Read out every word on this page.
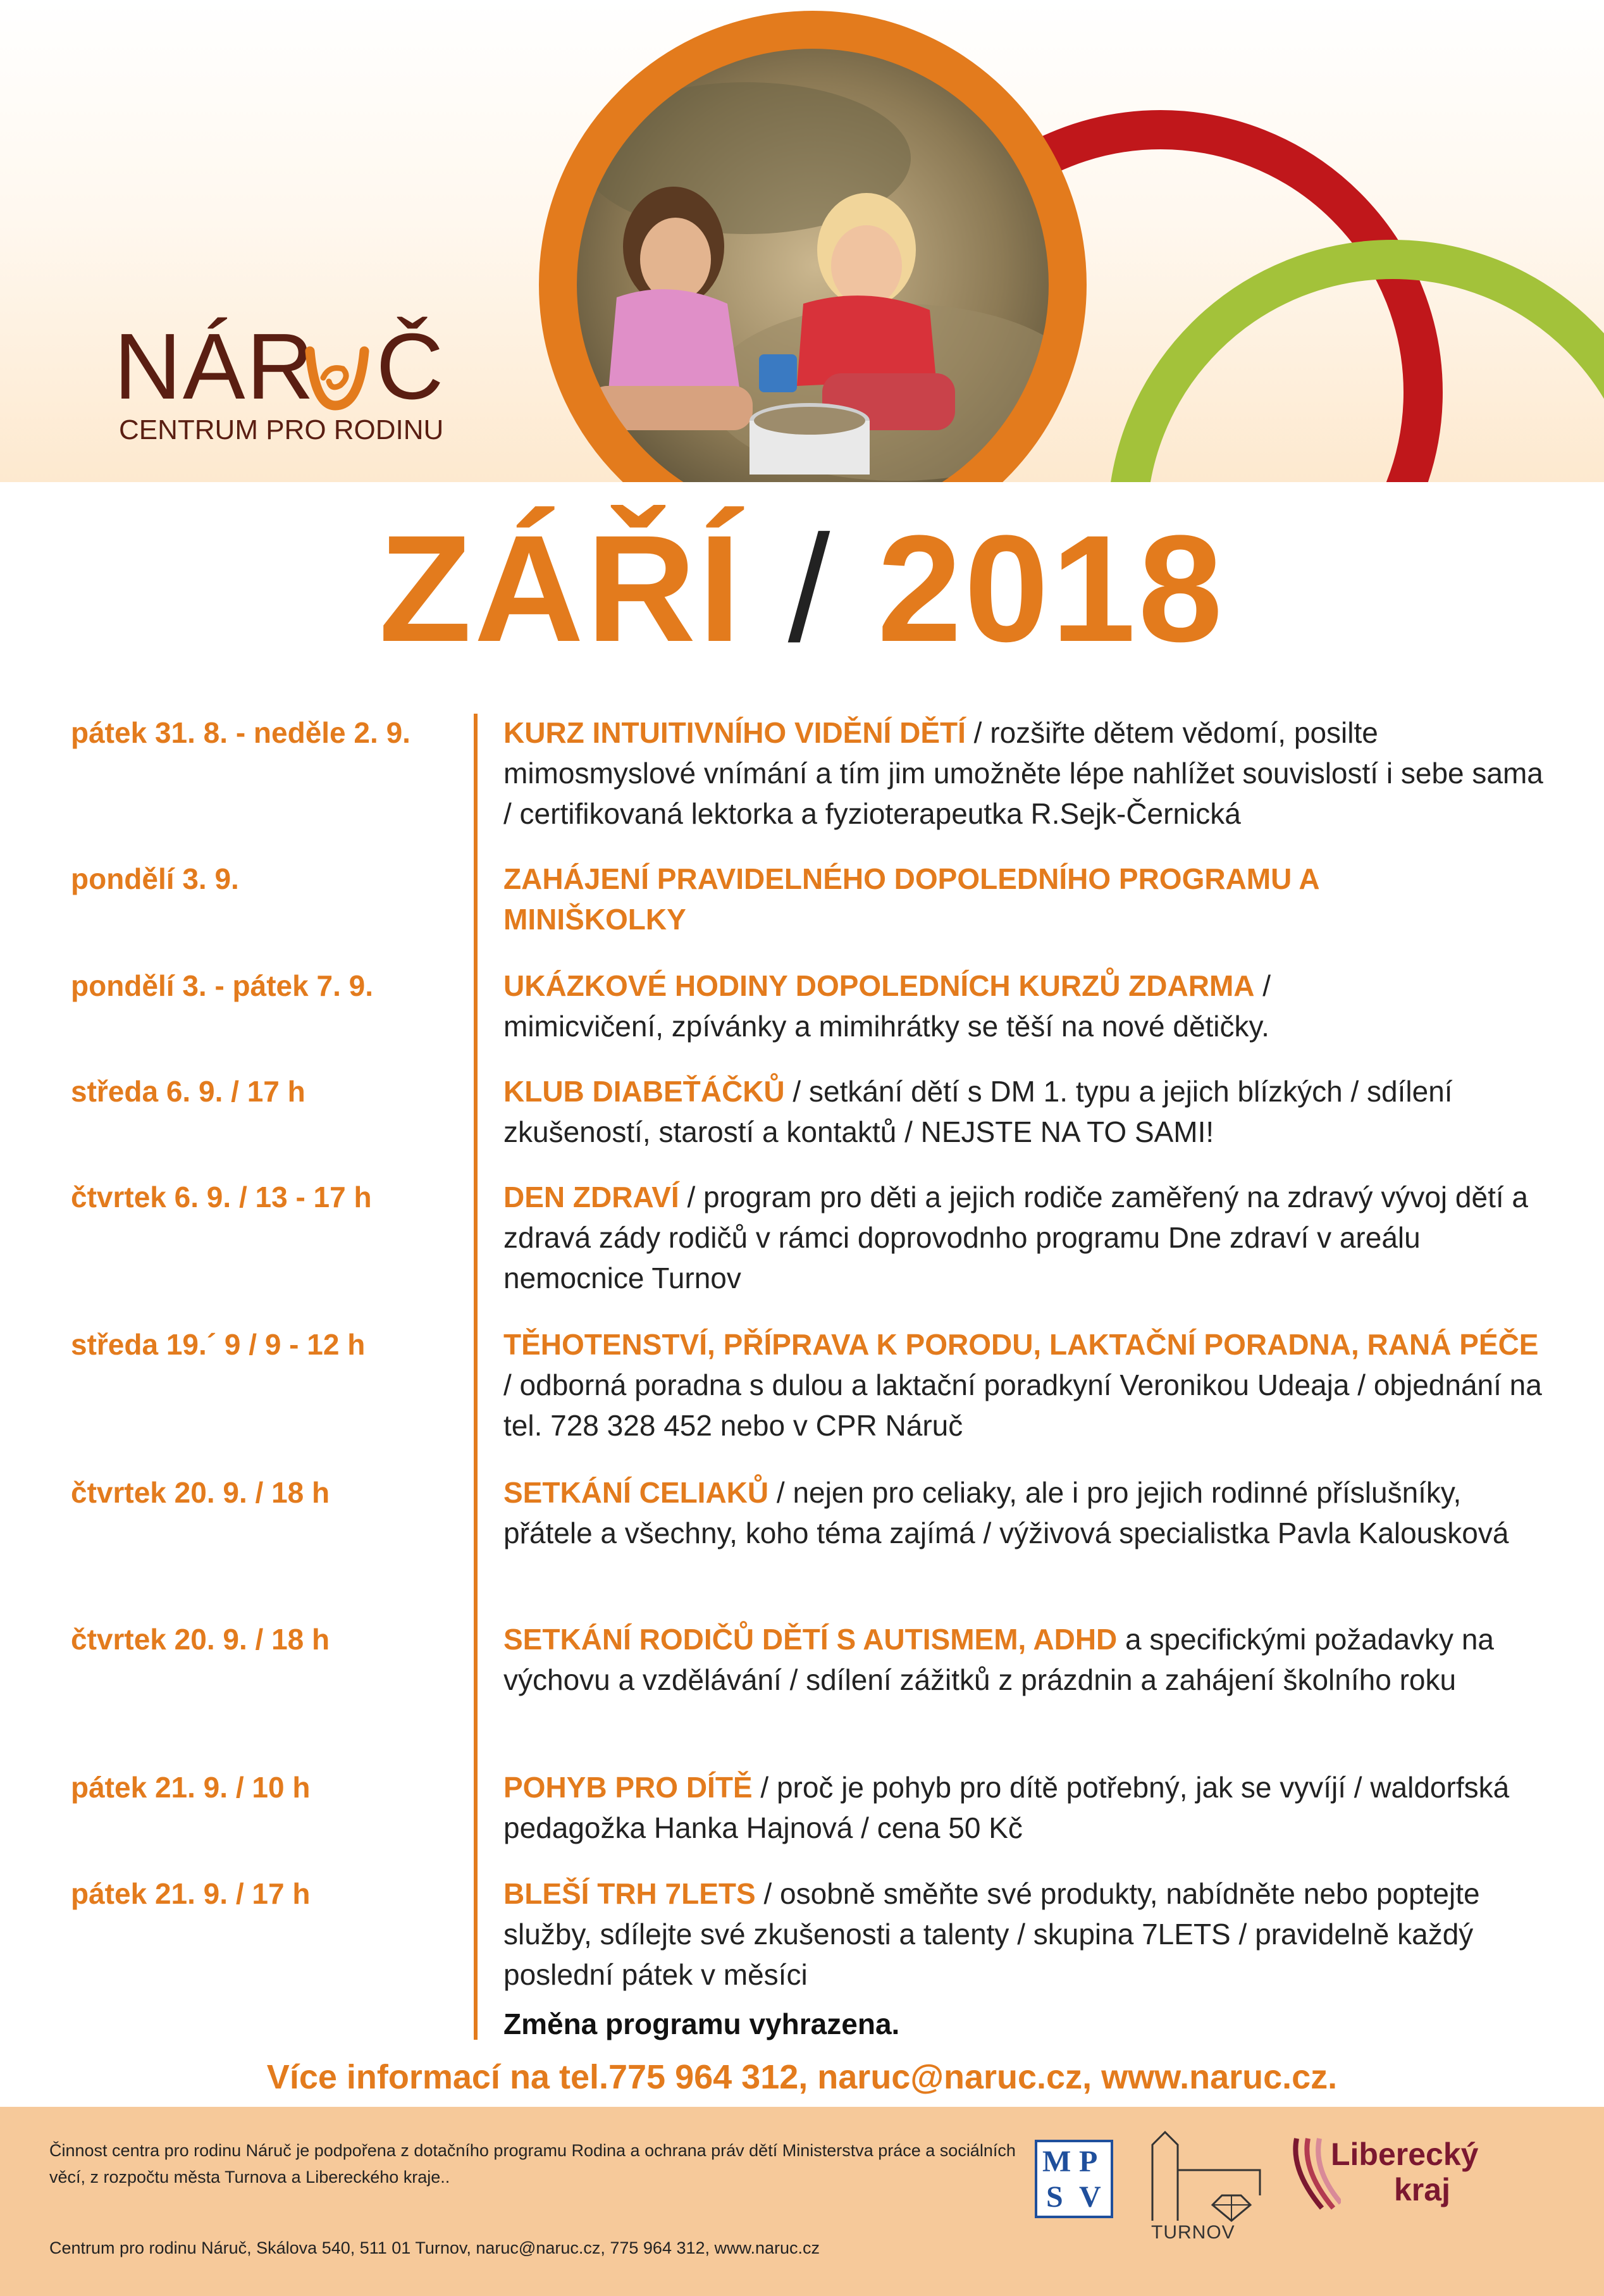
NÁR Č
CENTRUM PRO RODINU
ZÁŘÍ / 2018
pátek 31. 8. - neděle 2. 9.	KURZ INTUITIVNÍHO VIDĚNÍ DĚTÍ / rozšiřte dětem vědomí, posilte mimosmyslové vnímání a tím jim umožněte lépe nahlížet souvislostí i sebe sama / certifikovaná lektorka a fyzioterapeutka R.Sejk-Černická
pondělí 3. 9.	ZAHÁJENÍ PRAVIDELNÉHO DOPOLEDNÍHO PROGRAMU A MINIŠKOLKY
pondělí 3. - pátek 7. 9.	UKÁZKOVÉ HODINY DOPOLEDNÍCH KURZŮ ZDARMA / mimicvičení, zpívánky a mimihrátky se těší na nové dětičky.
středa 6. 9. / 17 h	KLUB DIABEŤÁČKŮ / setkání dětí s DM 1. typu a jejich blízkých / sdílení zkušeností, starostí a kontaktů / NEJSTE NA TO SAMI!
čtvrtek 6. 9. / 13 - 17 h	DEN ZDRAVÍ / program pro děti a jejich rodiče zaměřený na zdravý vývoj dětí a zdravá zády rodičů v rámci doprovodnho programu Dne zdraví v areálu nemocnice Turnov
středa 19.´ 9 / 9 - 12 h	TĚHOTENSTVÍ, PŘÍPRAVA K PORODU, LAKTAČNÍ PORADNA, RANÁ PÉČE / odborná poradna s dulou a laktační poradkyní Veronikou Udeaja / objednání na tel. 728 328 452 nebo v CPR Náruč
čtvrtek 20. 9. / 18 h	SETKÁNÍ CELIAKŮ / nejen pro celiaky, ale i pro jejich rodinné příslušníky, přátele a všechny, koho téma zajímá / výživová specialistka Pavla Kalousková
čtvrtek 20. 9. / 18 h	SETKÁNÍ RODIČŮ DĚTÍ S AUTISMEM, ADHD a specifickými požadavky na výchovu a vzdělávání / sdílení zážitků z prázdnin a zahájení školního roku
pátek 21. 9. / 10 h	POHYB PRO DÍTĚ / proč je pohyb pro dítě potřebný, jak se vyvíjí / waldorfská pedagožka Hanka Hajnová / cena 50 Kč
pátek 21. 9. / 17 h	BLEŠÍ TRH 7LETS / osobně směňte své produkty, nabídněte nebo poptejte služby, sdílejte své zkušenosti a talenty / skupina 7LETS / pravidelně každý poslední pátek v měsíci
Změna programu vyhrazena.
Více informací na tel.775 964 312, naruc@naruc.cz, www.naruc.cz.
Činnost centra pro rodinu Náruč je podpořena z dotačního programu Rodina a ochrana práv dětí Ministerstva práce a sociálních věcí, z rozpočtu města Turnova a Libereckého kraje..
Centrum pro rodinu Náruč, Skálova 540, 511 01 Turnov, naruc@naruc.cz, 775 964 312, www.naruc.cz
M P
S V
TURNOV
Liberecký
kraj
